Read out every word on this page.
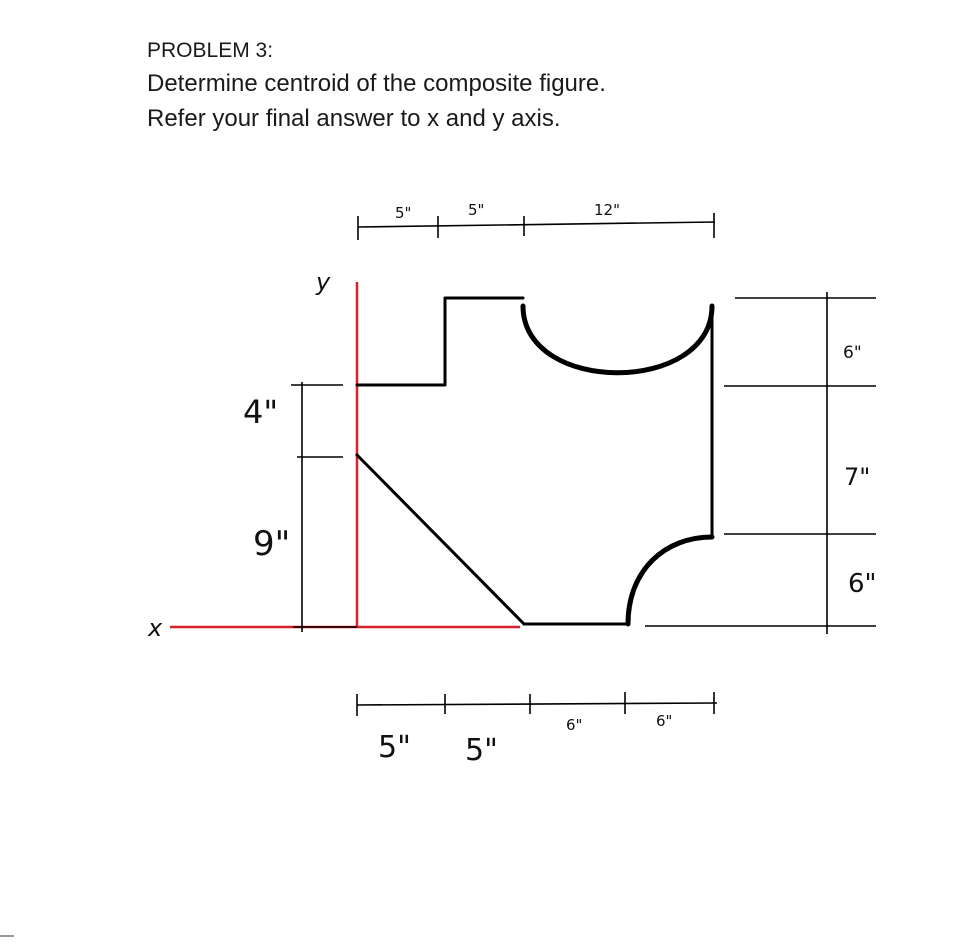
PROBLEM 3:
Determine centroid of the composite figure.
Refer your final answer to x and y axis.
x
y
5"	5"	12"
5" 5"
6"	6"
6"
7"
6"
4"
9"
